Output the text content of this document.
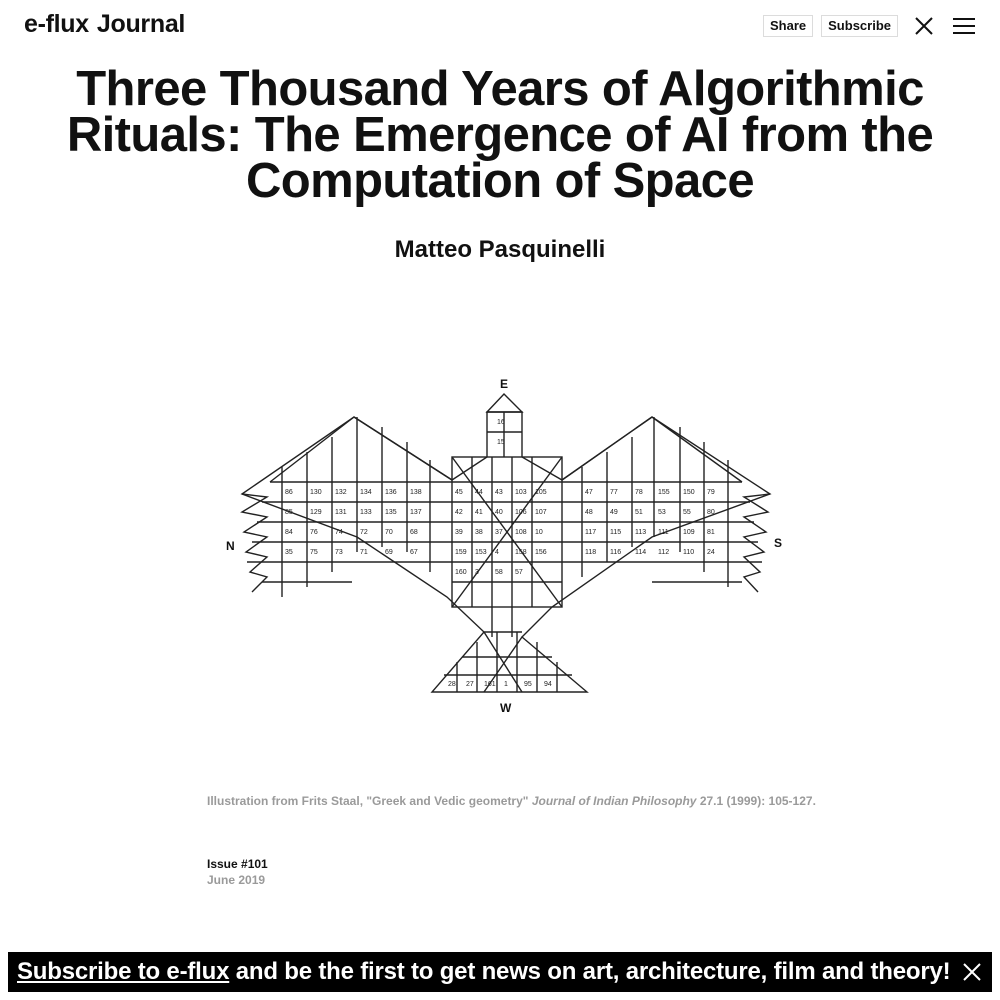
e-flux Journal	Share	Subscribe
Three Thousand Years of Algorithmic
Rituals: The Emergence of AI from the
Computation of Space

Matteo Pasquinelli

86 130 132 134 136 138
85 129 131 133 135 137
84 76 74 72 70 68
35 75 73 71 69 67
47 77 78 155 150 79
48 49 51 53 55 80
117 115 113 111 109 81
118 116 114 112 110 24
45 44 43 103 105
42 41 40 106 107
39 38 37 108 10
159 153 4 158 156
160 3 58 57
28 27 161 1 95 94
16
15
E
W
N	S
Illustration from Frits Staal, "Greek and Vedic geometry" Journal of Indian Philosophy 27.1 (1999): 105-127.
Issue #101
June 2019
Subscribe to e-flux and be the first to get news on art, architecture, film and theory!
